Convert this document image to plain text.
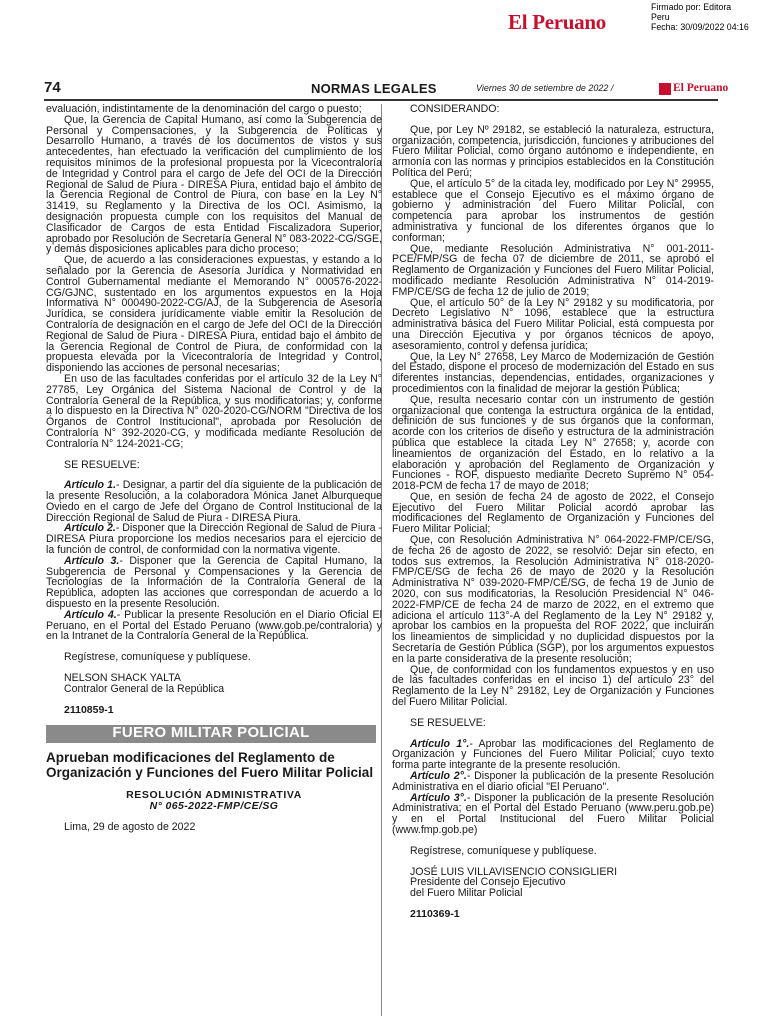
El Peruano
Firmado por: Editora
Peru
Fecha: 30/09/2022 04:16
74	NORMAS LEGALES	Viernes 30 de setiembre de 2022 /	El Peruano

evaluación, indistintamente de la denominación del cargo o puesto;

Que, la Gerencia de Capital Humano, así como la Subgerencia de Personal y Compensaciones, y la Subgerencia de Políticas y Desarrollo Humano, a través de los documentos de vistos y sus antecedentes, han efectuado la verificación del cumplimiento de los requisitos mínimos de la profesional propuesta por la Vicecontraloría de Integridad y Control para el cargo de Jefe del OCI de la Dirección Regional de Salud de Piura - DIRESA Piura, entidad bajo el ámbito de la Gerencia Regional de Control de Piura, con base en la Ley N° 31419, su Reglamento y la Directiva de los OCI. Asimismo, la designación propuesta cumple con los requisitos del Manual de Clasificador de Cargos de esta Entidad Fiscalizadora Superior, aprobado por Resolución de Secretaría General N° 083-2022-CG/SGE, y demás disposiciones aplicables para dicho proceso;

Que, de acuerdo a las consideraciones expuestas, y estando a lo señalado por la Gerencia de Asesoría Jurídica y Normatividad en Control Gubernamental mediante el Memorando N° 000576-2022-CG/GJNC, sustentado en los argumentos expuestos en la Hoja Informativa N° 000490-2022-CG/AJ, de la Subgerencia de Asesoría Jurídica, se considera jurídicamente viable emitir la Resolución de Contraloría de designación en el cargo de Jefe del OCI de la Dirección Regional de Salud de Piura - DIRESA Piura, entidad bajo el ámbito de la Gerencia Regional de Control de Piura, de conformidad con la propuesta elevada por la Vicecontraloría de Integridad y Control, disponiendo las acciones de personal necesarias;

En uso de las facultades conferidas por el artículo 32 de la Ley N° 27785, Ley Orgánica del Sistema Nacional de Control y de la Contraloría General de la República, y sus modificatorias; y, conforme a lo dispuesto en la Directiva N° 020-2020-CG/NORM "Directiva de los Órganos de Control Institucional", aprobada por Resolución de Contraloría N° 392-2020-CG, y modificada mediante Resolución de Contraloría N° 124-2021-CG;

SE RESUELVE:

Artículo 1.- Designar, a partir del día siguiente de la publicación de la presente Resolución, a la colaboradora Mónica Janet Alburqueque Oviedo en el cargo de Jefe del Órgano de Control Institucional de la Dirección Regional de Salud de Piura - DIRESA Piura.

Artículo 2.- Disponer que la Dirección Regional de Salud de Piura - DIRESA Piura proporcione los medios necesarios para el ejercicio de la función de control, de conformidad con la normativa vigente.

Artículo 3.- Disponer que la Gerencia de Capital Humano, la Subgerencia de Personal y Compensaciones y la Gerencia de Tecnologías de la Información de la Contraloría General de la República, adopten las acciones que correspondan de acuerdo a lo dispuesto en la presente Resolución.

Artículo 4.- Publicar la presente Resolución en el Diario Oficial El Peruano, en el Portal del Estado Peruano (www.gob.pe/contraloria) y en la Intranet de la Contraloría General de la República.

Regístrese, comuníquese y publíquese.

NELSON SHACK YALTA

Contralor General de la República

2110859-1

FUERO MILITAR POLICIAL
Aprueban modificaciones del Reglamento de Organización y Funciones del Fuero Militar Policial
RESOLUCIÓN ADMINISTRATIVA
N° 065-2022-FMP/CE/SG

Lima, 29 de agosto de 2022

CONSIDERANDO:

Que, por Ley Nº 29182, se estableció la naturaleza, estructura, organización, competencia, jurisdicción, funciones y atribuciones del Fuero Militar Policial, como órgano autónomo e independiente, en armonía con las normas y principios establecidos en la Constitución Política del Perú;

Que, el artículo 5° de la citada ley, modificado por Ley N° 29955, establece que el Consejo Ejecutivo es el máximo órgano de gobierno y administración del Fuero Militar Policial, con competencia para aprobar los instrumentos de gestión administrativa y funcional de los diferentes órganos que lo conforman;

Que, mediante Resolución Administrativa N° 001-2011-PCE/FMP/SG de fecha 07 de diciembre de 2011, se aprobó el Reglamento de Organización y Funciones del Fuero Militar Policial, modificado mediante Resolución Administrativa N° 014-2019-FMP/CE/SG de fecha 12 de julio de 2019;

Que, el artículo 50° de la Ley N° 29182 y su modificatoria, por Decreto Legislativo N° 1096, establece que la estructura administrativa básica del Fuero Militar Policial, está compuesta por una Dirección Ejecutiva y por órganos técnicos de apoyo, asesoramiento, control y defensa jurídica;

Que, la Ley N° 27658, Ley Marco de Modernización de Gestión del Estado, dispone el proceso de modernización del Estado en sus diferentes instancias, dependencias, entidades, organizaciones y procedimientos con la finalidad de mejorar la gestión Pública;

Que, resulta necesario contar con un instrumento de gestión organizacional que contenga la estructura orgánica de la entidad, definición de sus funciones y de sus órganos que la conforman, acorde con los criterios de diseño y estructura de la administración pública que establece la citada Ley N° 27658; y, acorde con lineamientos de organización del Estado, en lo relativo a la elaboración y aprobación del Reglamento de Organización y Funciones - ROF, dispuesto mediante Decreto Supremo N° 054-2018-PCM de fecha 17 de mayo de 2018;

Que, en sesión de fecha 24 de agosto de 2022, el Consejo Ejecutivo del Fuero Militar Policial acordó aprobar las modificaciones del Reglamento de Organización y Funciones del Fuero Militar Policial;

Que, con Resolución Administrativa N° 064-2022-FMP/CE/SG, de fecha 26 de agosto de 2022, se resolvió: Dejar sin efecto, en todos sus extremos, la Resolución Administrativa N° 018-2020-FMP/CE/SG de fecha 26 de mayo de 2020 y la Resolución Administrativa N° 039-2020-FMP/CE/SG, de fecha 19 de Junio de 2020, con sus modificatorias, la Resolución Presidencial N° 046-2022-FMP/CE de fecha 24 de marzo de 2022, en el extremo que adiciona el artículo 113°-A del Reglamento de la Ley N° 29182 y, aprobar los cambios en la propuesta del ROF 2022, que incluirán los lineamientos de simplicidad y no duplicidad dispuestos por la Secretaría de Gestión Pública (SGP), por los argumentos expuestos en la parte considerativa de la presente resolución;

Que, de conformidad con los fundamentos expuestos y en uso de las facultades conferidas en el inciso 1) del artículo 23° del Reglamento de la Ley N° 29182, Ley de Organización y Funciones del Fuero Militar Policial.

SE RESUELVE:

Artículo 1°.- Aprobar las modificaciones del Reglamento de Organización y Funciones del Fuero Militar Policial; cuyo texto forma parte integrante de la presente resolución.

Artículo 2°.- Disponer la publicación de la presente Resolución Administrativa en el diario oficial "El Peruano".

Artículo 3°.- Disponer la publicación de la presente Resolución Administrativa; en el Portal del Estado Peruano (www.peru.gob.pe) y en el Portal Institucional del Fuero Militar Policial (www.fmp.gob.pe)

Regístrese, comuníquese y publíquese.

JOSÉ LUIS VILLAVISENCIO CONSIGLIERI

Presidente del Consejo Ejecutivo

del Fuero Militar Policial

2110369-1
